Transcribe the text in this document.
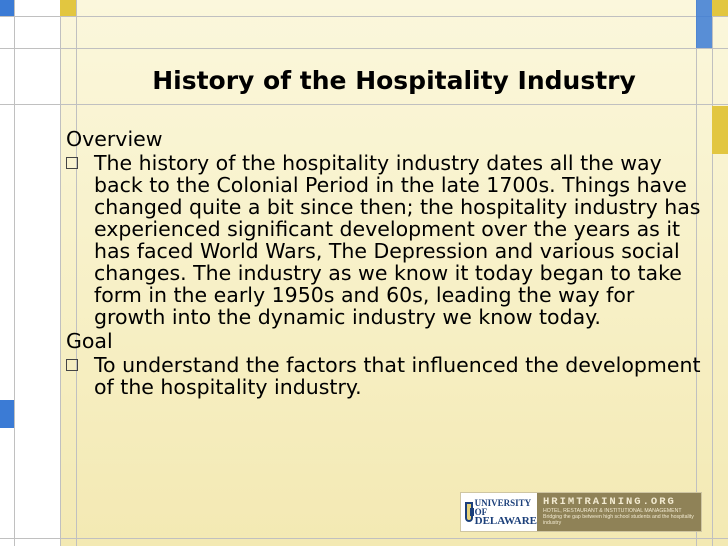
History of the Hospitality Industry
Overview
The history of the hospitality industry dates all the way back to the Colonial Period in the late 1700s. Things have changed quite a bit since then; the hospitality industry has experienced significant development over the years as it has faced World Wars, The Depression and various social changes. The industry as we know it today began to take form in the early 1950s and 60s, leading the way for growth into the dynamic industry we know today.
Goal
To understand the factors that influenced the development of the hospitality industry.
UNIVERSITY OF
DELAWARE
HRIMTRAINING.ORG
HOTEL, RESTAURANT & INSTITUTIONAL MANAGEMENT
Bridging the gap between high school students and the hospitality industry
